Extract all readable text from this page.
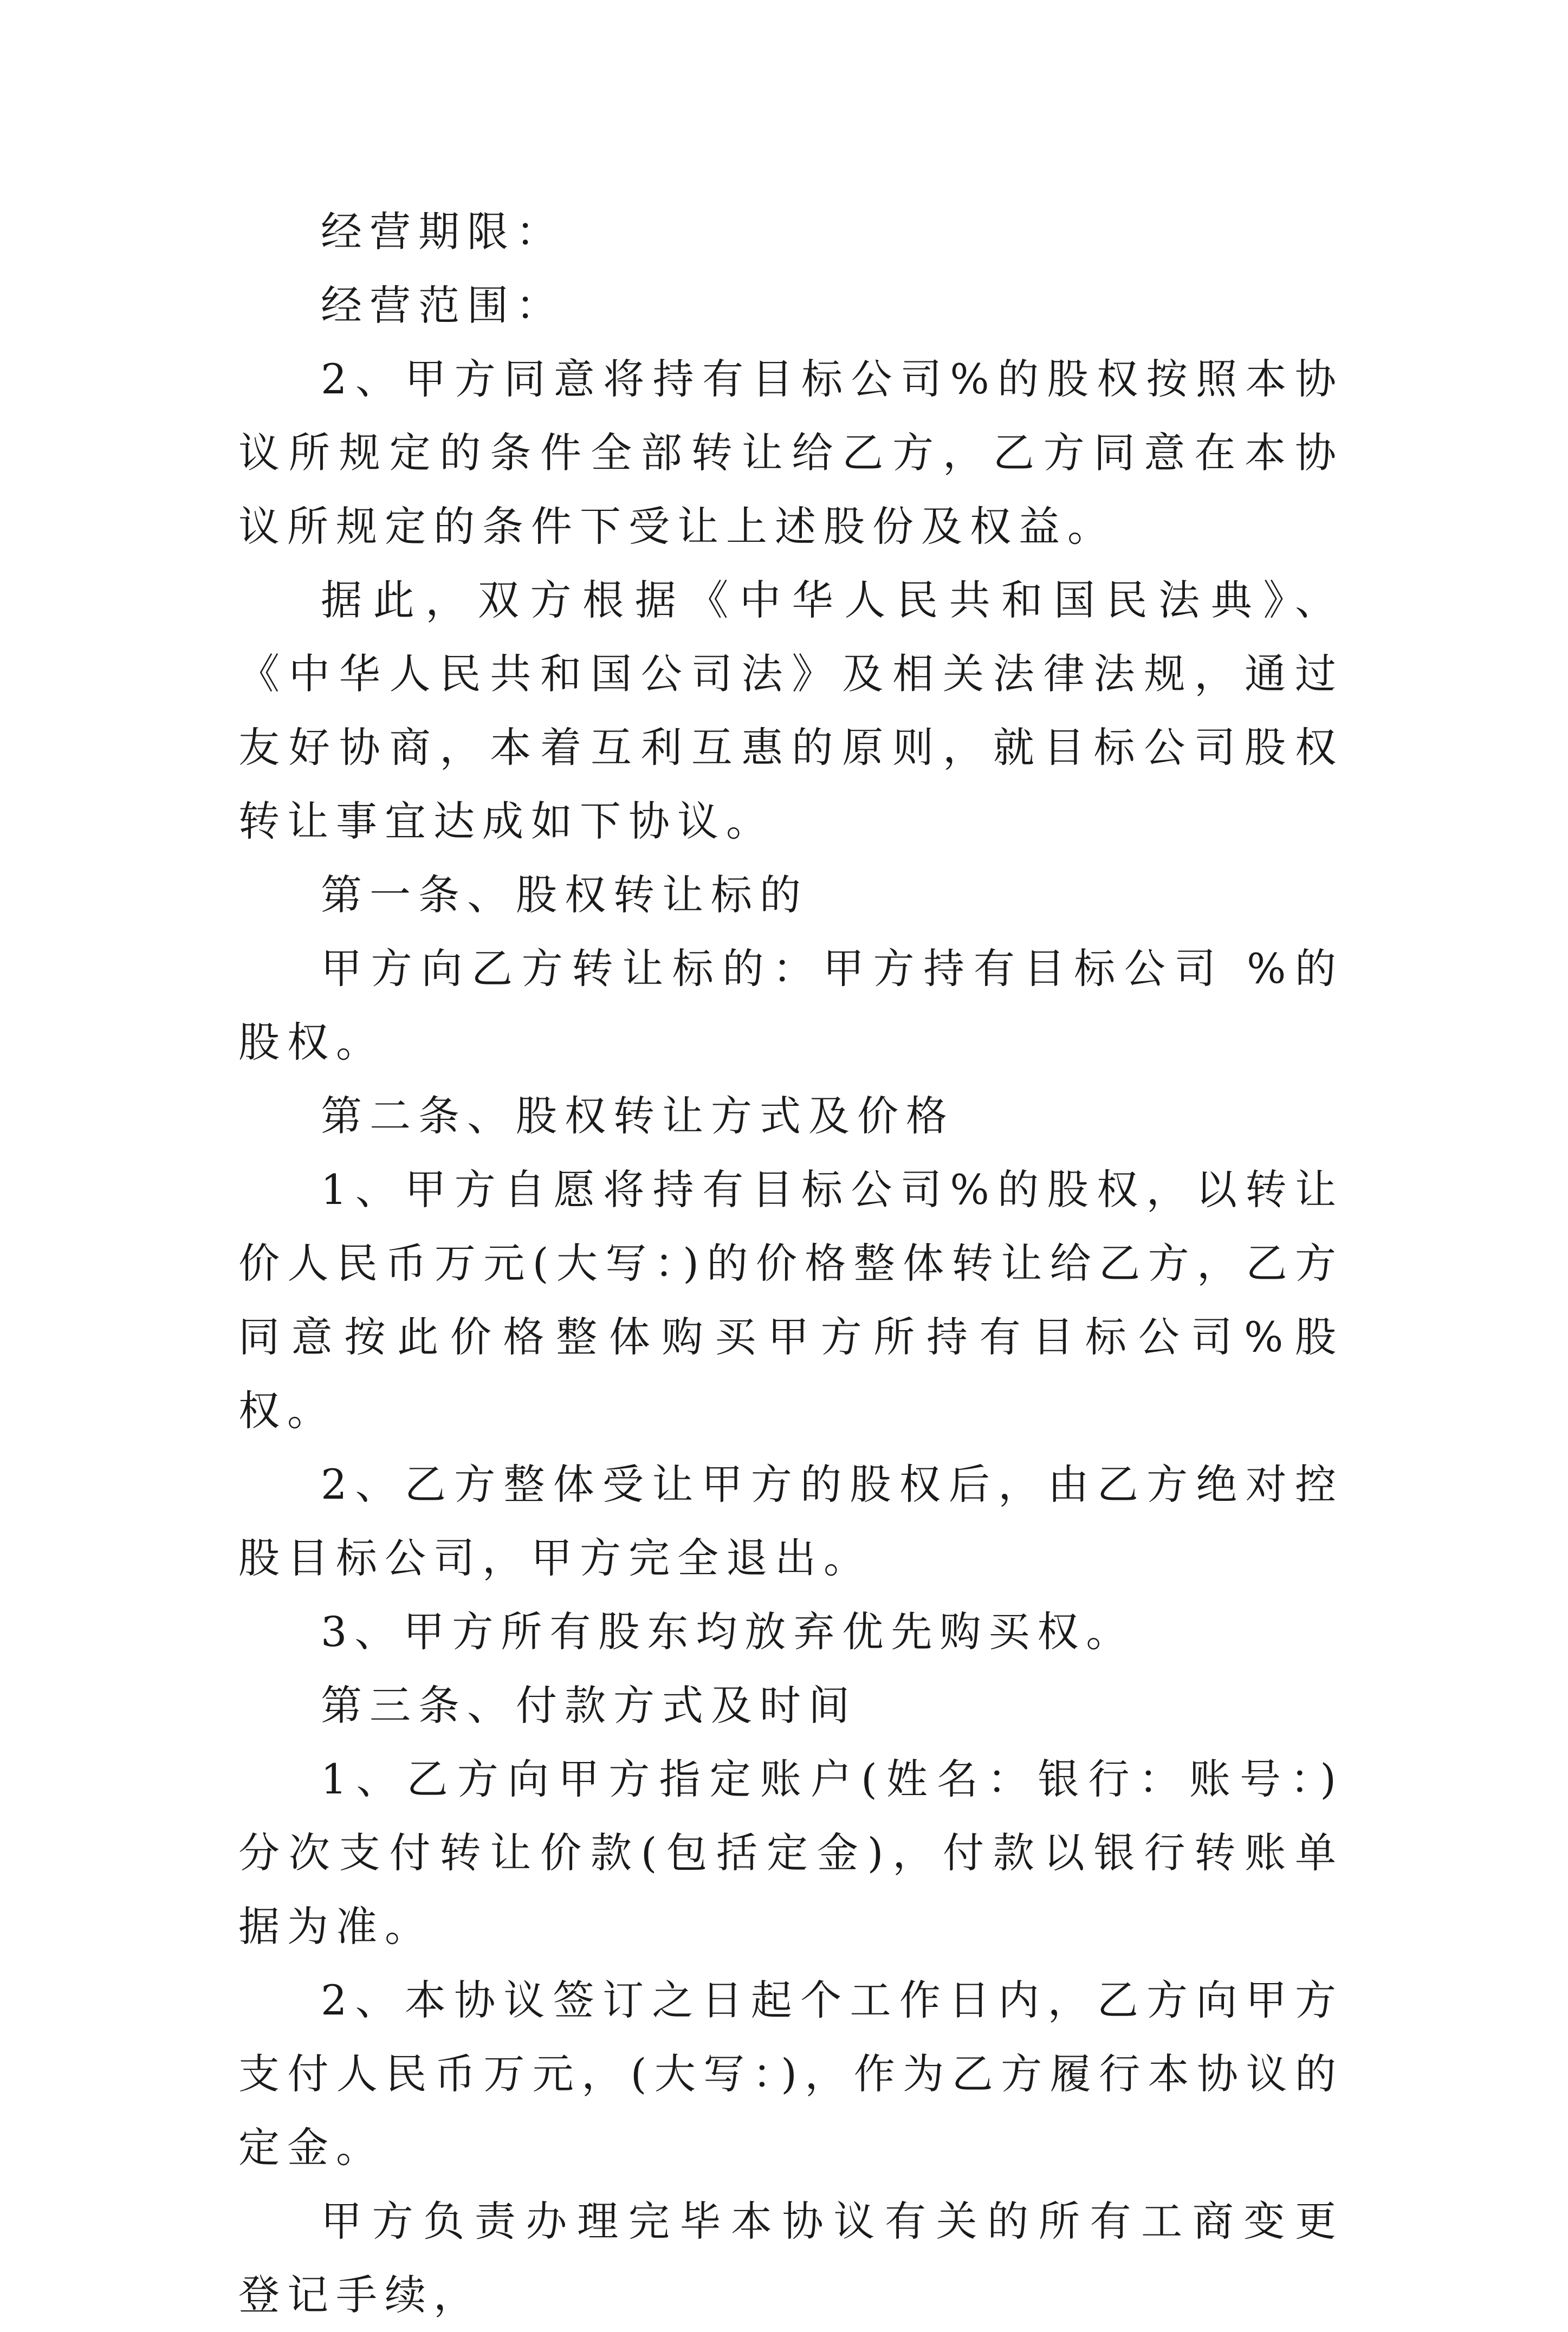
经营期限：

经营范围：

2、甲方同意将持有目标公司%的股权按照本协议所规定的条件全部转让给乙方，乙方同意在本协议所规定的条件下受让上述股份及权益。

据此，双方根据《中华人民共和国民法典》、《中华人民共和国公司法》及相关法律法规，通过友好协商，本着互利互惠的原则，就目标公司股权转让事宜达成如下协议。

第一条、股权转让标的

甲方向乙方转让标的：甲方持有目标公司 %的股权。

第二条、股权转让方式及价格

1、甲方自愿将持有目标公司%的股权，以转让价人民币万元(大写：)的价格整体转让给乙方，乙方同意按此价格整体购买甲方所持有目标公司%股权。

2、乙方整体受让甲方的股权后，由乙方绝对控股目标公司，甲方完全退出。

3、甲方所有股东均放弃优先购买权。

第三条、付款方式及时间

1、乙方向甲方指定账户(姓名：银行：账号：)分次支付转让价款(包括定金)，付款以银行转账单据为准。

2、本协议签订之日起个工作日内，乙方向甲方支付人民币万元，(大写：)，作为乙方履行本协议的定金。

甲方负责办理完毕本协议有关的所有工商变更登记手续，
